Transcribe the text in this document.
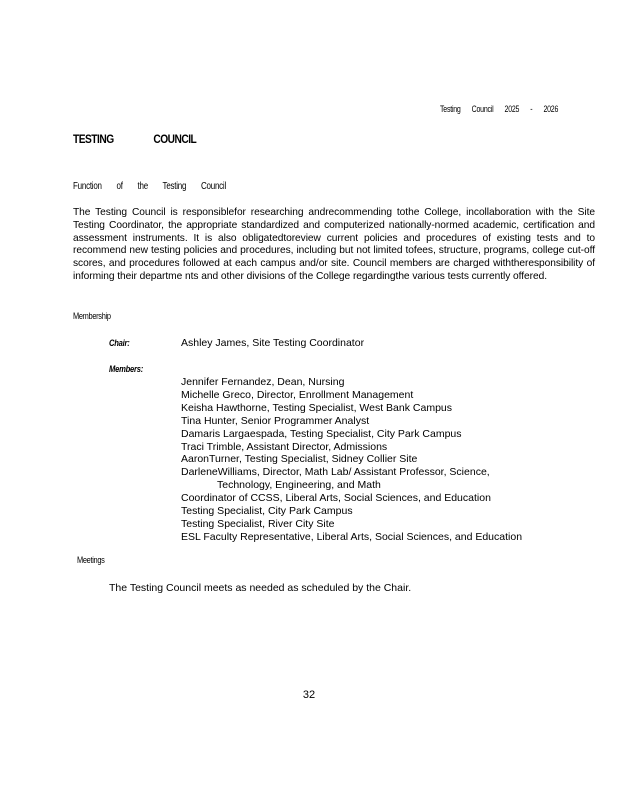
Testing Council 2025 - 2026
TESTING COUNCIL
Function of the Testing Council

The Testing Council is responsiblefor researching andrecommending tothe College, incollaboration with the Site Testing Coordinator, the appropriate standardized and computerized nationally-normed academic, certification and assessment instruments. It is also obligatedtoreview current policies and procedures of existing tests and to recommend new testing policies and procedures, including but not limited tofees, structure, programs, college cut-off scores, and procedures followed at each campus and/or site. Council members are charged withtheresponsibility of informing their departme nts and other divisions of the College regardingthe various tests currently offered.

Membership
Chair:	Ashley James, Site Testing Coordinator
Members:
Jennifer Fernandez, Dean, Nursing
Michelle Greco, Director, Enrollment Management
Keisha Hawthorne, Testing Specialist, West Bank Campus
Tina Hunter, Senior Programmer Analyst
Damaris Largaespada, Testing Specialist, City Park Campus
Traci Trimble, Assistant Director, Admissions
AaronTurner, Testing Specialist, Sidney Collier Site
DarleneWilliams, Director, Math Lab/ Assistant Professor, Science,
Technology, Engineering, and Math
Coordinator of CCSS, Liberal Arts, Social Sciences, and Education
Testing Specialist, City Park Campus
Testing Specialist, River City Site
ESL Faculty Representative, Liberal Arts, Social Sciences, and Education
Meetings
The Testing Council meets as needed as scheduled by the Chair.
32
